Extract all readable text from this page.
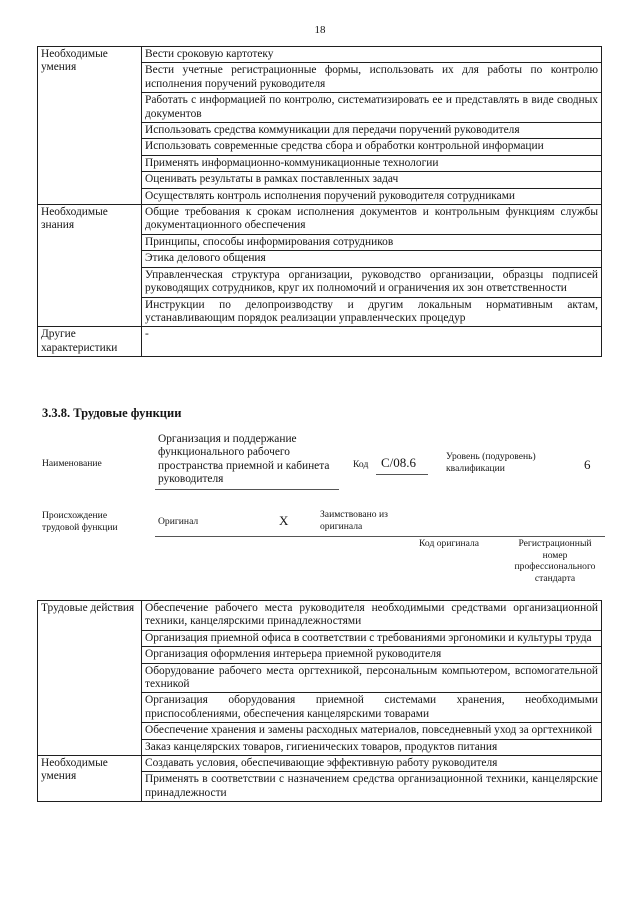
18
Необходимые умения	Вести сроковую картотеку
	Вести учетные регистрационные формы, использовать их для работы по контролю исполнения поручений руководителя
	Работать с информацией по контролю, систематизировать ее и представлять в виде сводных документов
	Использовать средства коммуникации для передачи поручений руководителя
	Использовать современные средства сбора и обработки контрольной информации
	Применять информационно-коммуникационные технологии
	Оценивать результаты в рамках поставленных задач
	Осуществлять контроль исполнения поручений руководителя сотрудниками
Необходимые знания	Общие требования к срокам исполнения документов и контрольным функциям службы документационного обеспечения
	Принципы, способы информирования сотрудников
	Этика делового общения
	Управленческая структура организации, руководство организации, образцы подписей руководящих сотрудников, круг их полномочий и ограничения их зон ответственности
	Инструкции по делопроизводству и другим локальным нормативным актам, устанавливающим порядок реализации управленческих процедур
Другие характеристики	-
3.3.8. Трудовые функции
Наименование
Организация и поддержание функционального рабочего пространства приемной и кабинета руководителя
Код C/08.6	Уровень (подуровень) квалификации	6
Происхождение трудовой функции	Оригинал	X	Заимствовано из оригинала
Код оригинала	Регистрационный номер профессионального стандарта
Трудовые действия	Обеспечение рабочего места руководителя необходимыми средствами организационной техники, канцелярскими принадлежностями
	Организация приемной офиса в соответствии с требованиями эргономики и культуры труда
	Организация оформления интерьера приемной руководителя
	Оборудование рабочего места оргтехникой, персональным компьютером, вспомогательной техникой
	Организация оборудования приемной системами хранения, необходимыми приспособлениями, обеспечения канцелярскими товарами
	Обеспечение хранения и замены расходных материалов, повседневный уход за оргтехникой
	Заказ канцелярских товаров, гигиенических товаров, продуктов питания
Необходимые умения	Создавать условия, обеспечивающие эффективную работу руководителя
	Применять в соответствии с назначением средства организационной техники, канцелярские принадлежности
